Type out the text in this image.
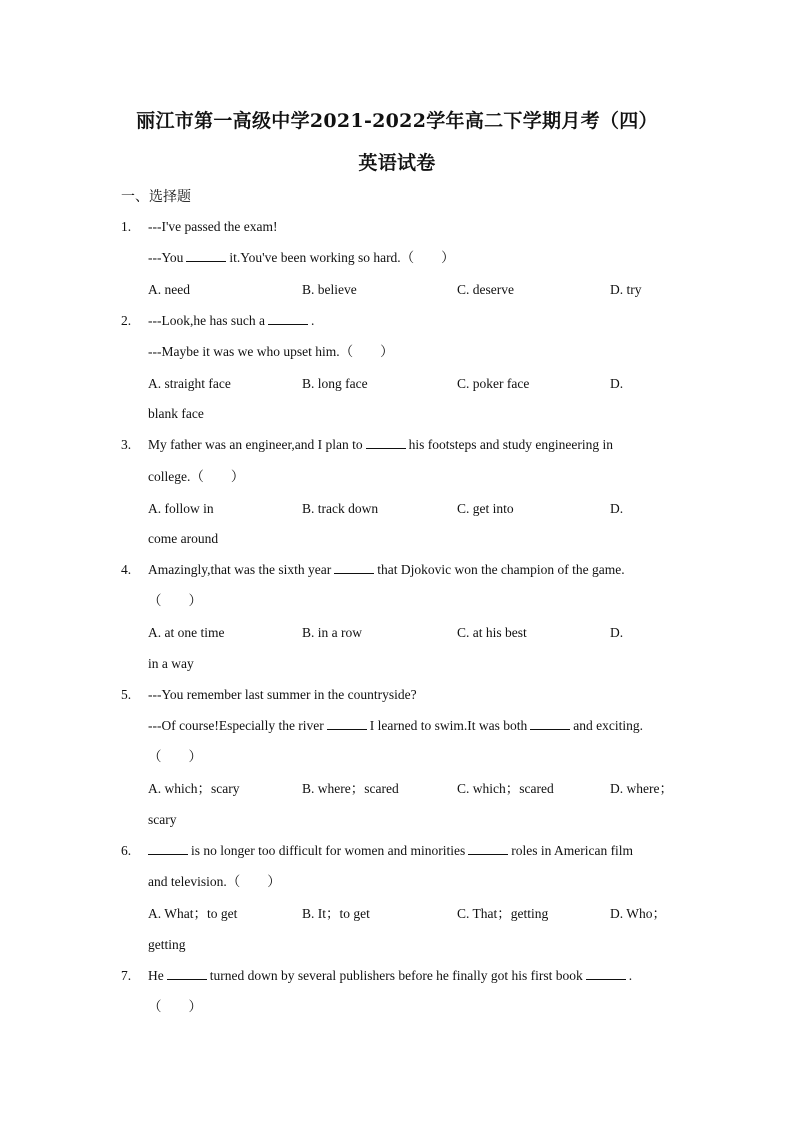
丽江市第一高级中学2021-2022学年高二下学期月考（四）
英语试卷
一、选择题
1. ---I've passed the exam!
---You	it.You've been working so hard.（　　）
A. need	B. believe	C. deserve	D. try
2. ---Look,he has such a	.
---Maybe it was we who upset him.（　　）
A. straight face	B. long face	C. poker face	D.
blank face
3. My father was an engineer,and I plan to	his footsteps and study engineering in
college.（　　）
A. follow in	B. track down	C. get into	D.
come around
4. Amazingly,that was the sixth year	that Djokovic won the champion of the game.
（　　）
A. at one time	B. in a row	C. at his best	D.
in a way
5. ---You remember last summer in the countryside?
---Of course!Especially the river	I learned to swim.It was both	and exciting.
（　　）
A. which；scary	B. where；scared	C. which；scared	D. where；
scary
6.	is no longer too difficult for women and minorities	roles in American film
and television.（　　）
A. What；to get	B. It；to get	C. That；getting	D. Who；
getting
7. He	turned down by several publishers before he finally got his first book	.
（　　）
